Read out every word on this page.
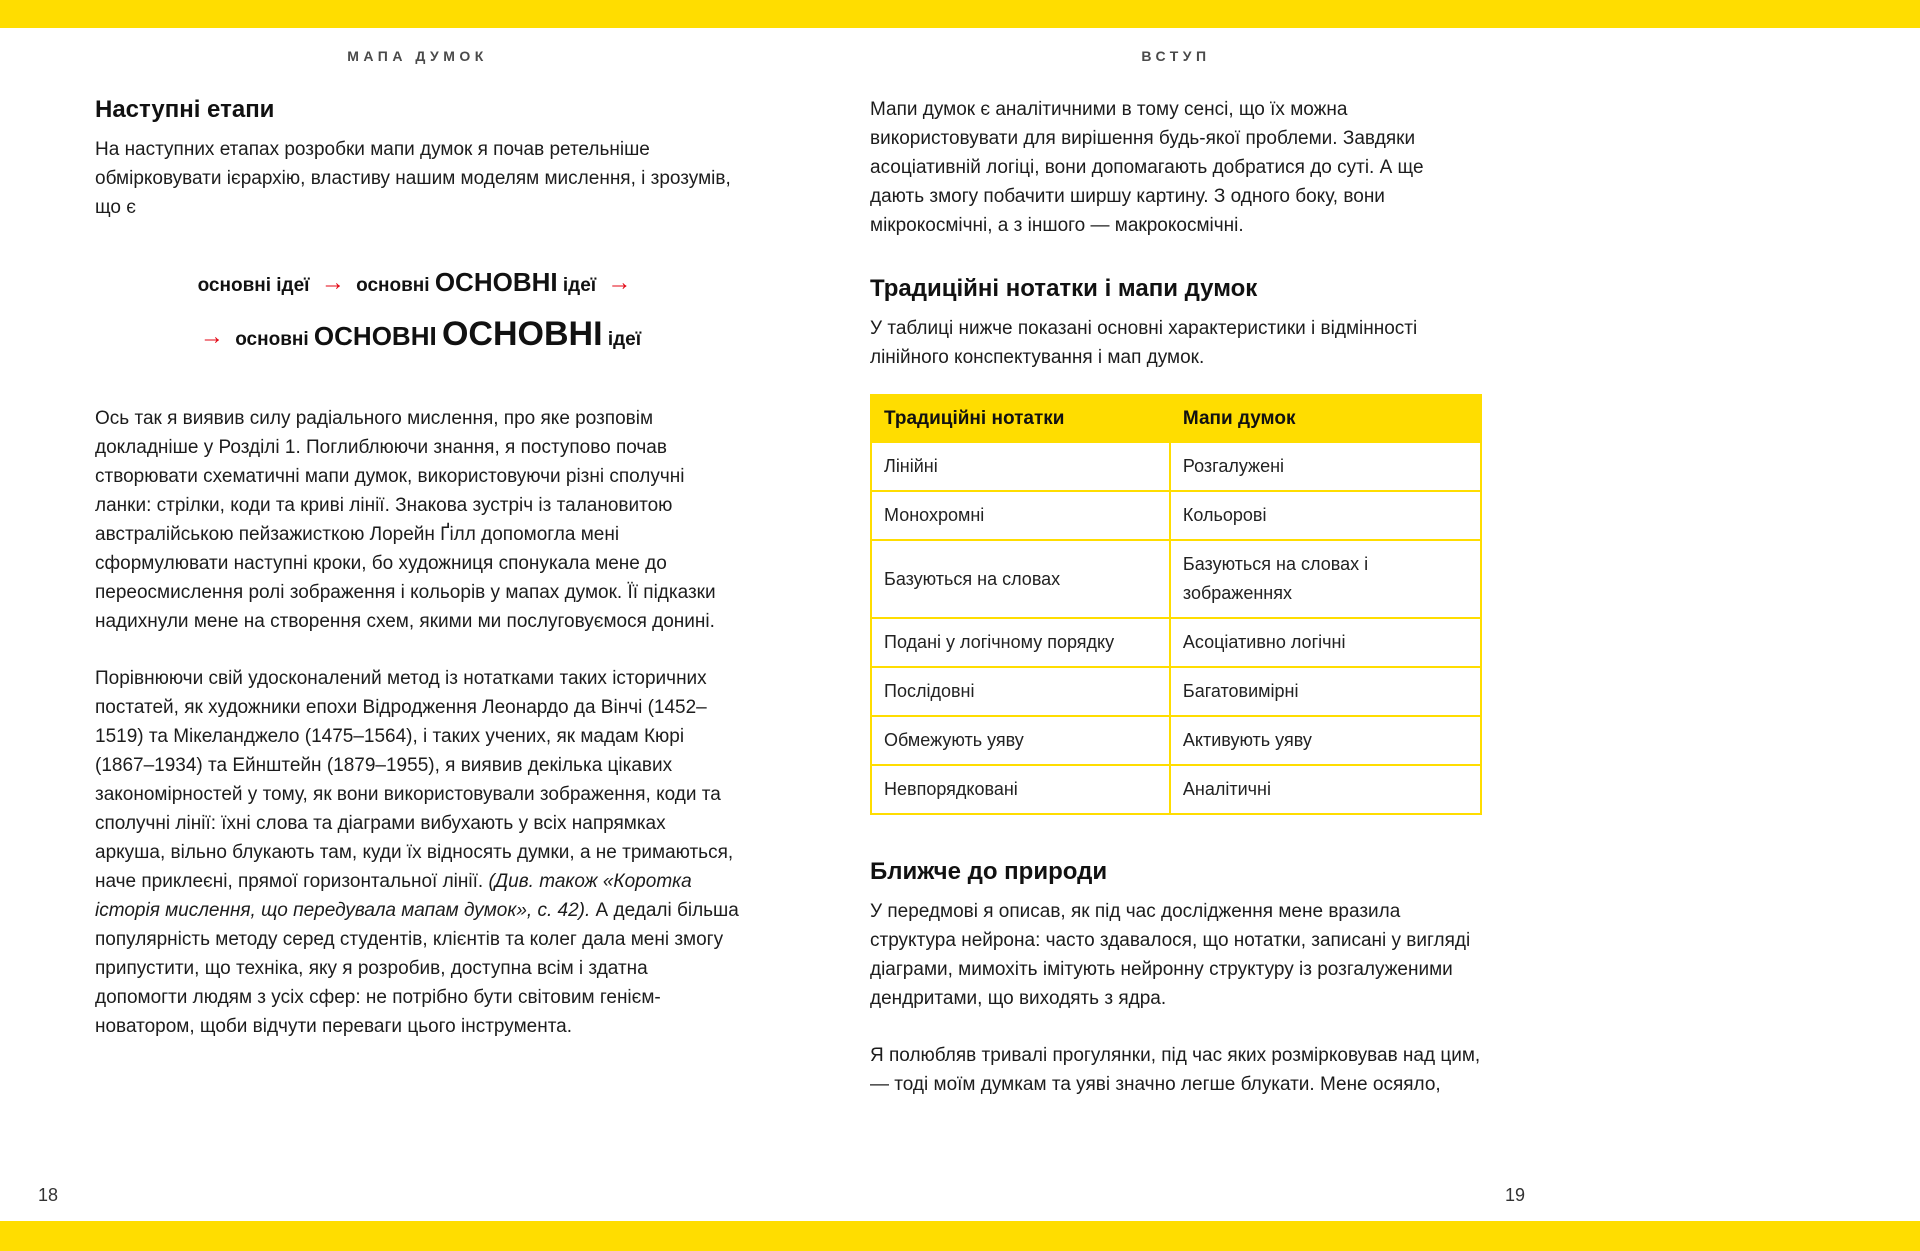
МАПА ДУМОК	ВСТУП
Наступні етапи

На наступних етапах розробки мапи думок я почав ретельніше обмірковувати ієрархію, властиву нашим моделям мислення, і зрозумів, що є

основні ідеї → основні ОСНОВНІ ідеї →
→ основні ОСНОВНІ ОСНОВНІ ідеї

Ось так я виявив силу радіального мислення, про яке розповім докладніше у Розділі 1. Поглиблюючи знання, я поступово почав створювати схематичні мапи думок, використовуючи різні сполучні ланки: стрілки, коди та криві лінії. Знакова зустріч із талановитою австралійською пейзажисткою Лорейн Ґілл допомогла мені сформулювати наступні кроки, бо художниця спонукала мене до переосмислення ролі зображення і кольорів у мапах думок. Її підказки надихнули мене на створення схем, якими ми послуговуємося донині.

Порівнюючи свій удосконалений метод із нотатками таких історичних постатей, як художники епохи Відродження Леонардо да Вінчі (1452–1519) та Мікеланджело (1475–1564), і таких учених, як мадам Кюрі (1867–1934) та Ейнштейн (1879–1955), я виявив декілька цікавих закономірностей у тому, як вони використовували зображення, коди та сполучні лінії: їхні слова та діаграми вибухають у всіх напрямках аркуша, вільно блукають там, куди їх відносять думки, а не тримаються, наче приклеєні, прямої горизонтальної лінії. (Див. також «Коротка історія мислення, що передувала мапам думок», с. 42). А дедалі більша популярність методу серед студентів, клієнтів та колег дала мені змогу припустити, що техніка, яку я розробив, доступна всім і здатна допомогти людям з усіх сфер: не потрібно бути світовим генієм-новатором, щоби відчути переваги цього інструмента.

Мапи думок є аналітичними в тому сенсі, що їх можна використовувати для вирішення будь-якої проблеми. Завдяки асоціативній логіці, вони допомагають добратися до суті. А ще дають змогу побачити ширшу картину. З одного боку, вони мікрокосмічні, а з іншого — макрокосмічні.

Традиційні нотатки і мапи думок

У таблиці нижче показані основні характеристики і відмінності лінійного конспектування і мап думок.

Традиційні нотатки	Мапи думок
Лінійні	Розгалужені
Монохромні	Кольорові
Базуються на словах	Базуються на словах і зображеннях
Подані у логічному порядку	Асоціативно логічні
Послідовні	Багатовимірні
Обмежують уяву	Активують уяву
Невпорядковані	Аналітичні
Ближче до природи

У передмові я описав, як під час дослідження мене вразила структура нейрона: часто здавалося, що нотатки, записані у вигляді діаграми, мимохіть імітують нейронну структуру із розгалуженими дендритами, що виходять з ядра.

Я полюбляв тривалі прогулянки, під час яких розмірковував над цим, — тоді моїм думкам та уяві значно легше блукати. Мене осяяло,

18	19
